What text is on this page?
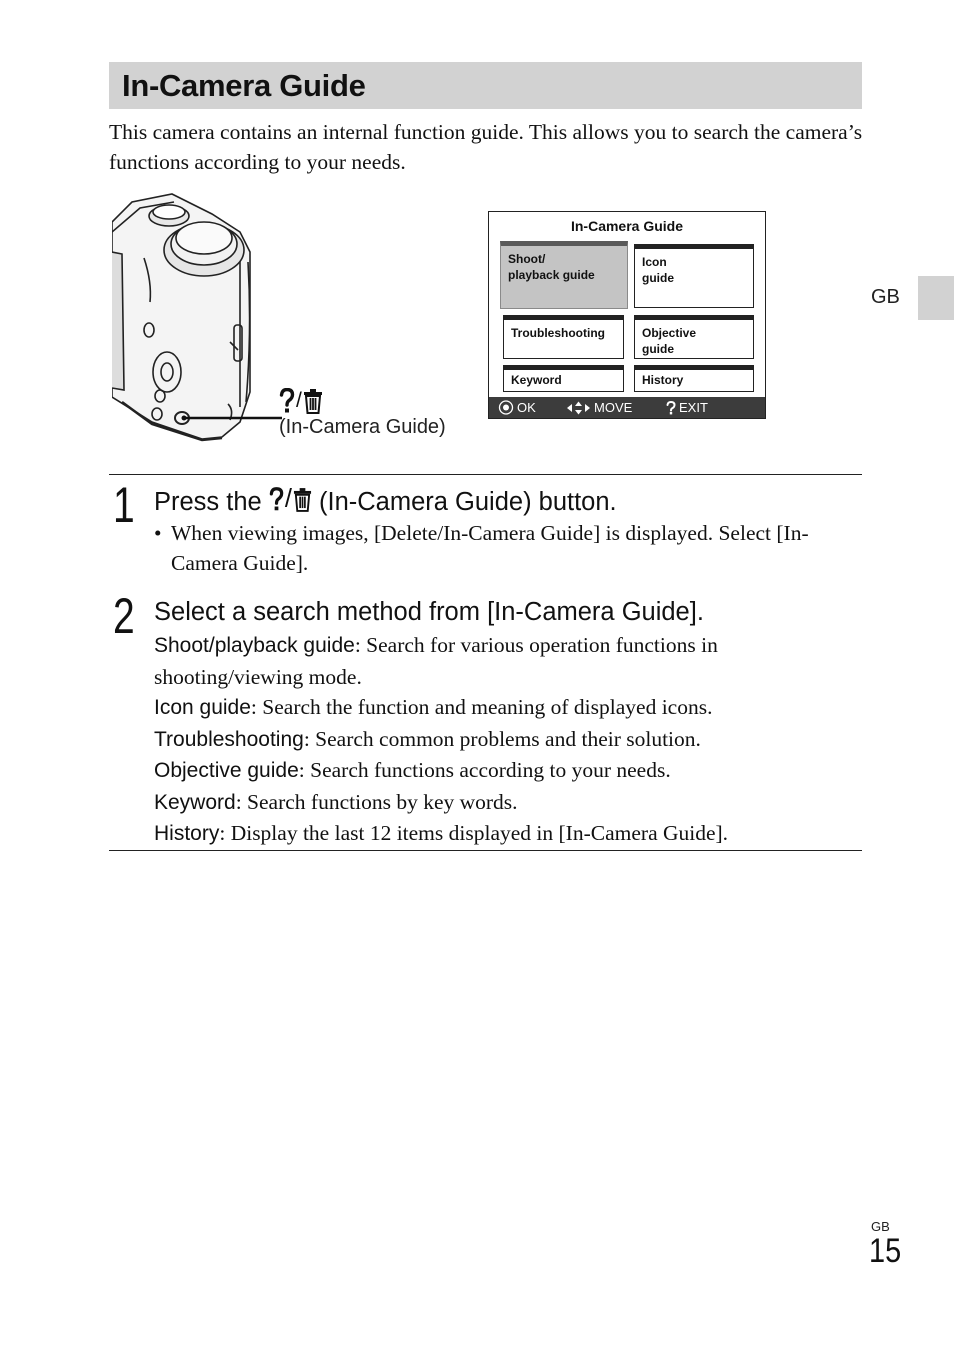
In-Camera Guide

This camera contains an internal function guide. This allows you to search the camera’s functions according to your needs.

/
(In-Camera Guide)
In-Camera Guide
Shoot/
playback guide
Icon
guide
Troubleshooting	Objective
guide
Keyword	History
OK	MOVE	EXIT
1 Press the / (In-Camera Guide) button.
• When viewing images, [Delete/In-Camera Guide] is displayed. Select [In-Camera Guide].
2 Select a search method from [In-Camera Guide].

Shoot/playback guide: Search for various operation functions in shooting/viewing mode.

Icon guide: Search the function and meaning of displayed icons.

Troubleshooting: Search common problems and their solution.

Objective guide: Search functions according to your needs.

Keyword: Search functions by key words.

History: Display the last 12 items displayed in [In-Camera Guide].

GB
GB
15
